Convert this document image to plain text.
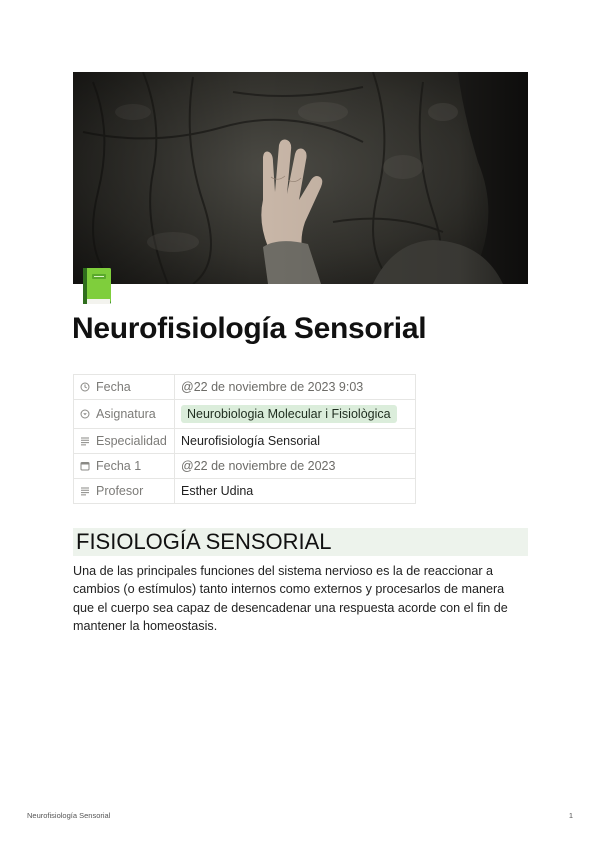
Neurofisiología Sensorial
Fecha	@22 de noviembre de 2023 9:03

Asignatura	Neurobiologia Molecular i Fisiològica

Especialidad	Neurofisiología Sensorial

Fecha 1	@22 de noviembre de 2023

Profesor	Esther Udina
FISIOLOGÍA SENSORIAL

Una de las principales funciones del sistema nervioso es la de reaccionar a cambios (o estímulos) tanto internos como externos y procesarlos de manera que el cuerpo sea capaz de desencadenar una respuesta acorde con el fin de mantener la homeostasis.

Neurofisiología Sensorial	1
